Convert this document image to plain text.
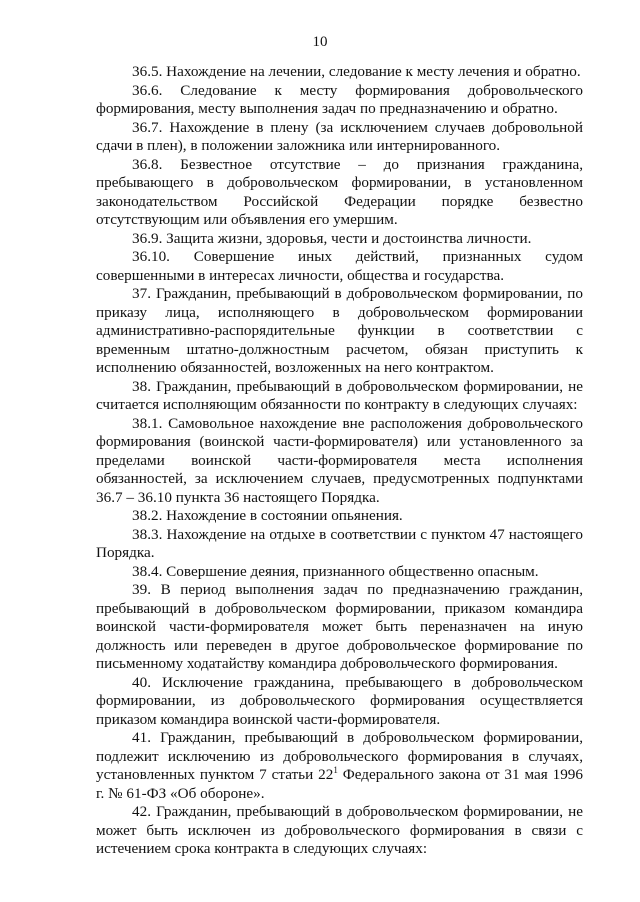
10

36.5. Нахождение на лечении, следование к месту лечения и обратно.

36.6. Следование к месту формирования добровольческого формирования, месту выполнения задач по предназначению и обратно.

36.7. Нахождение в плену (за исключением случаев добровольной сдачи в плен), в положении заложника или интернированного.

36.8. Безвестное отсутствие – до признания гражданина, пребывающего в добровольческом формировании, в установленном законодательством Российской Федерации порядке безвестно отсутствующим или объявления его умершим.

36.9. Защита жизни, здоровья, чести и достоинства личности.

36.10. Совершение иных действий, признанных судом совершенными в интересах личности, общества и государства.

37. Гражданин, пребывающий в добровольческом формировании, по приказу лица, исполняющего в добровольческом формировании административно-распорядительные функции в соответствии с временным штатно-должностным расчетом, обязан приступить к исполнению обязанностей, возложенных на него контрактом.

38. Гражданин, пребывающий в добровольческом формировании, не считается исполняющим обязанности по контракту в следующих случаях:

38.1. Самовольное нахождение вне расположения добровольческого формирования (воинской части-формирователя) или установленного за пределами воинской части-формирователя места исполнения обязанностей, за исключением случаев, предусмотренных подпунктами 36.7 – 36.10 пункта 36 настоящего Порядка.

38.2. Нахождение в состоянии опьянения.

38.3. Нахождение на отдыхе в соответствии с пунктом 47 настоящего Порядка.

38.4. Совершение деяния, признанного общественно опасным.

39. В период выполнения задач по предназначению гражданин, пребывающий в добровольческом формировании, приказом командира воинской части-формирователя может быть переназначен на иную должность или переведен в другое добровольческое формирование по письменному ходатайству командира добровольческого формирования.

40. Исключение гражданина, пребывающего в добровольческом формировании, из добровольческого формирования осуществляется приказом командира воинской части-формирователя.

41. Гражданин, пребывающий в добровольческом формировании, подлежит исключению из добровольческого формирования в случаях, установленных пунктом 7 статьи $22^1$ Федерального закона от 31 мая 1996 г. № 61-ФЗ «Об обороне».

42. Гражданин, пребывающий в добровольческом формировании, не может быть исключен из добровольческого формирования в связи с истечением срока контракта в следующих случаях:
